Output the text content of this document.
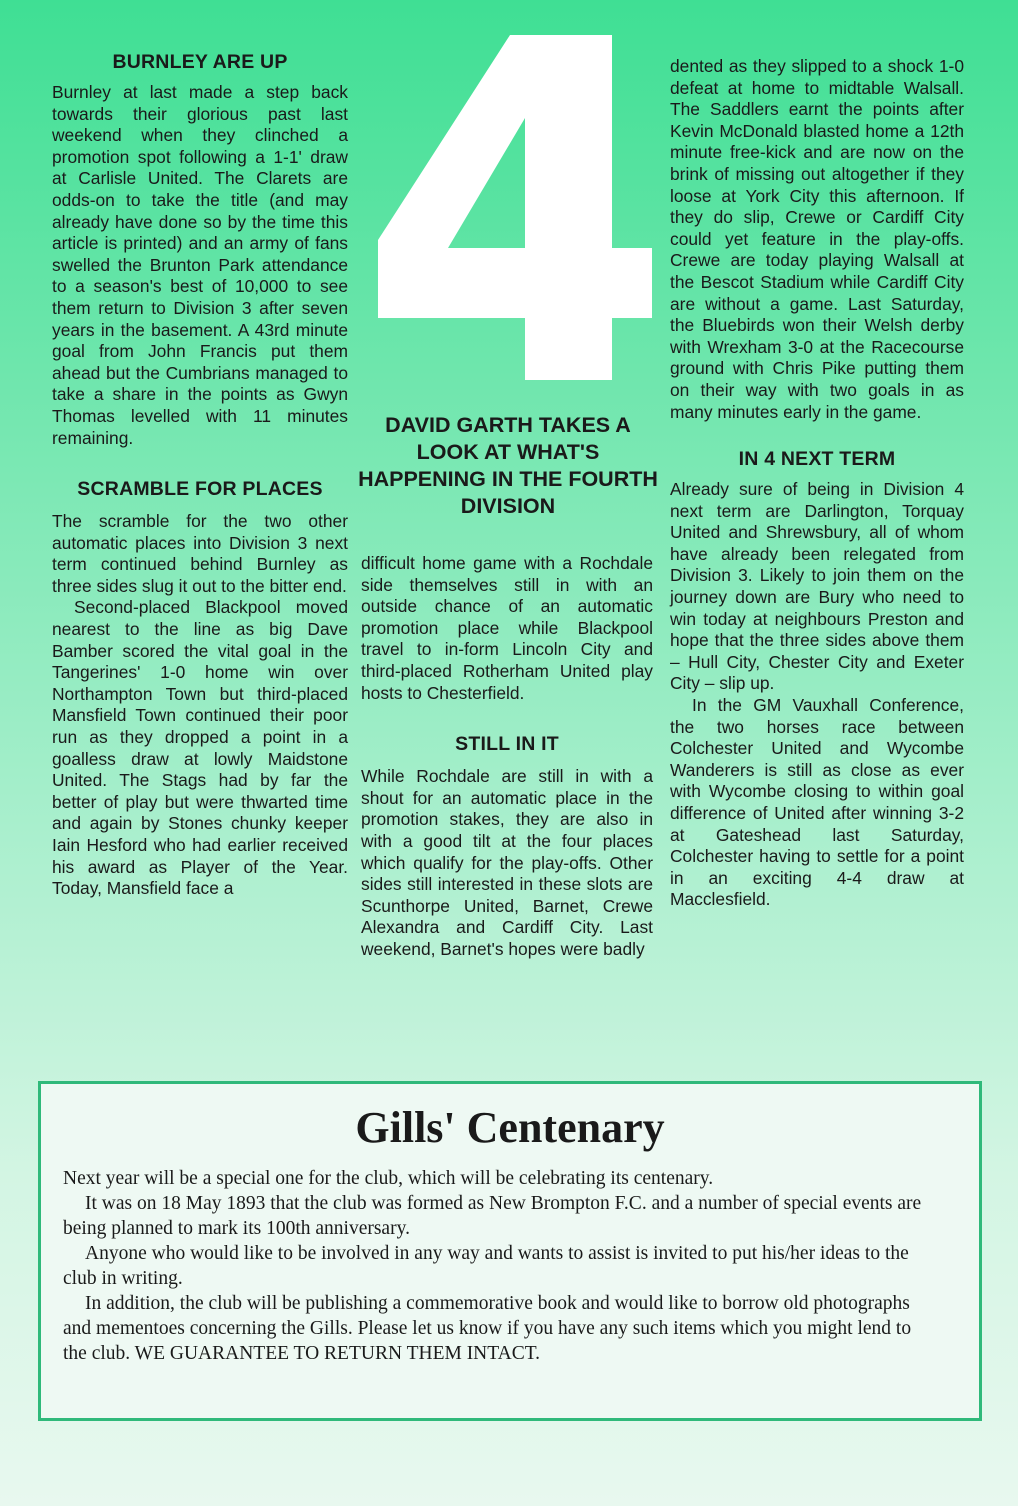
DAVID GARTH TAKES A LOOK AT WHAT'S HAPPENING IN THE FOURTH DIVISION
BURNLEY ARE UP

Burnley at last made a step back towards their glorious past last weekend when they clinched a promotion spot following a 1-1' draw at Carlisle United. The Clarets are odds-on to take the title (and may already have done so by the time this article is printed) and an army of fans swelled the Brunton Park attendance to a season's best of 10,000 to see them return to Division 3 after seven years in the basement. A 43rd minute goal from John Francis put them ahead but the Cumbrians managed to take a share in the points as Gwyn Thomas levelled with 11 minutes remaining.

SCRAMBLE FOR PLACES

The scramble for the two other automatic places into Division 3 next term continued behind Burnley as three sides slug it out to the bitter end.

Second-placed Blackpool moved nearest to the line as big Dave Bamber scored the vital goal in the Tangerines' 1-0 home win over Northampton Town but third-placed Mansfield Town continued their poor run as they dropped a point in a goalless draw at lowly Maidstone United. The Stags had by far the better of play but were thwarted time and again by Stones chunky keeper Iain Hesford who had earlier received his award as Player of the Year. Today, Mansfield face a

difficult home game with a Rochdale side themselves still in with an outside chance of an automatic promotion place while Blackpool travel to in-form Lincoln City and third-placed Rotherham United play hosts to Chesterfield.

STILL IN IT

While Rochdale are still in with a shout for an automatic place in the promotion stakes, they are also in with a good tilt at the four places which qualify for the play-offs. Other sides still interested in these slots are Scunthorpe United, Barnet, Crewe Alexandra and Cardiff City. Last weekend, Barnet's hopes were badly

dented as they slipped to a shock 1-0 defeat at home to midtable Walsall. The Saddlers earnt the points after Kevin McDonald blasted home a 12th minute free-kick and are now on the brink of missing out altogether if they loose at York City this afternoon. If they do slip, Crewe or Cardiff City could yet feature in the play-offs. Crewe are today playing Walsall at the Bescot Stadium while Cardiff City are without a game. Last Saturday, the Bluebirds won their Welsh derby with Wrexham 3-0 at the Racecourse ground with Chris Pike putting them on their way with two goals in as many minutes early in the game.

IN 4 NEXT TERM

Already sure of being in Division 4 next term are Darlington, Torquay United and Shrewsbury, all of whom have already been relegated from Division 3. Likely to join them on the journey down are Bury who need to win today at neighbours Preston and hope that the three sides above them – Hull City, Chester City and Exeter City – slip up.

In the GM Vauxhall Conference, the two horses race between Colchester United and Wycombe Wanderers is still as close as ever with Wycombe closing to within goal difference of United after winning 3-2 at Gateshead last Saturday, Colchester having to settle for a point in an exciting 4-4 draw at Macclesfield.

Gills' Centenary

Next year will be a special one for the club, which will be celebrating its centenary.

It was on 18 May 1893 that the club was formed as New Brompton F.C. and a number of special events are being planned to mark its 100th anniversary.

Anyone who would like to be involved in any way and wants to assist is invited to put his/her ideas to the club in writing.

In addition, the club will be publishing a commemorative book and would like to borrow old photographs and mementoes concerning the Gills. Please let us know if you have any such items which you might lend to the club. WE GUARANTEE TO RETURN THEM INTACT.
